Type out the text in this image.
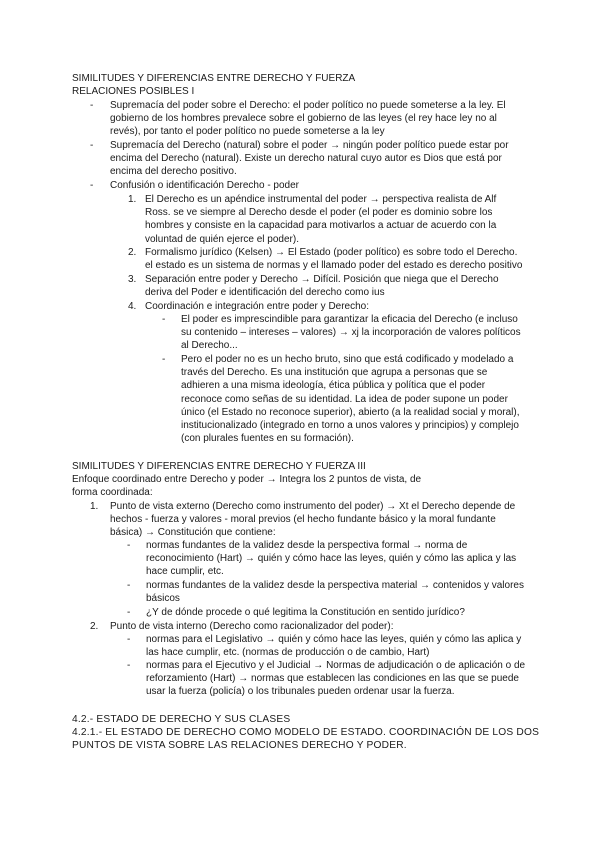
SIMILITUDES Y DIFERENCIAS ENTRE DERECHO Y FUERZA
RELACIONES POSIBLES I
- Supremacía del poder sobre el Derecho: el poder político no puede someterse a la ley. El
gobierno de los hombres prevalece sobre el gobierno de las leyes (el rey hace ley no al
revés), por tanto el poder político no puede someterse a la ley
- Supremacía del Derecho (natural) sobre el poder → ningún poder político puede estar por
encima del Derecho (natural). Existe un derecho natural cuyo autor es Dios que está por
encima del derecho positivo.
- Confusión o identificación Derecho - poder
1. El Derecho es un apéndice instrumental del poder → perspectiva realista de Alf
Ross. se ve siempre al Derecho desde el poder (el poder es dominio sobre los
hombres y consiste en la capacidad para motivarlos a actuar de acuerdo con la
voluntad de quién ejerce el poder).
2. Formalismo jurídico (Kelsen) → El Estado (poder político) es sobre todo el Derecho.
el estado es un sistema de normas y el llamado poder del estado es derecho positivo
3. Separación entre poder y Derecho → Difícil. Posición que niega que el Derecho
deriva del Poder e identificación del derecho como ius
4. Coordinación e integración entre poder y Derecho:
- El poder es imprescindible para garantizar la eficacia del Derecho (e incluso
su contenido – intereses – valores) → xj la incorporación de valores políticos
al Derecho...
- Pero el poder no es un hecho bruto, sino que está codificado y modelado a
través del Derecho. Es una institución que agrupa a personas que se
adhieren a una misma ideología, ética pública y política que el poder
reconoce como señas de su identidad. La idea de poder supone un poder
único (el Estado no reconoce superior), abierto (a la realidad social y moral),
institucionalizado (integrado en torno a unos valores y principios) y complejo
(con plurales fuentes en su formación).
SIMILITUDES Y DIFERENCIAS ENTRE DERECHO Y FUERZA III
Enfoque coordinado entre Derecho y poder → Integra los 2 puntos de vista, de
forma coordinada:
1. Punto de vista externo (Derecho como instrumento del poder) → Xt el Derecho depende de
hechos - fuerza y valores - moral previos (el hecho fundante básico y la moral fundante
básica) → Constitución que contiene:
- normas fundantes de la validez desde la perspectiva formal → norma de
reconocimiento (Hart) → quién y cómo hace las leyes, quién y cómo las aplica y las
hace cumplir, etc.
- normas fundantes de la validez desde la perspectiva material → contenidos y valores
básicos
- ¿Y de dónde procede o qué legitima la Constitución en sentido jurídico?
2. Punto de vista interno (Derecho como racionalizador del poder):
- normas para el Legislativo → quién y cómo hace las leyes, quién y cómo las aplica y
las hace cumplir, etc. (normas de producción o de cambio, Hart)
- normas para el Ejecutivo y el Judicial → Normas de adjudicación o de aplicación o de
reforzamiento (Hart) → normas que establecen las condiciones en las que se puede
usar la fuerza (policía) o los tribunales pueden ordenar usar la fuerza.
4.2.- ESTADO DE DERECHO Y SUS CLASES
4.2.1.- EL ESTADO DE DERECHO COMO MODELO DE ESTADO. COORDINACIÓN DE LOS DOS
PUNTOS DE VISTA SOBRE LAS RELACIONES DERECHO Y PODER.
